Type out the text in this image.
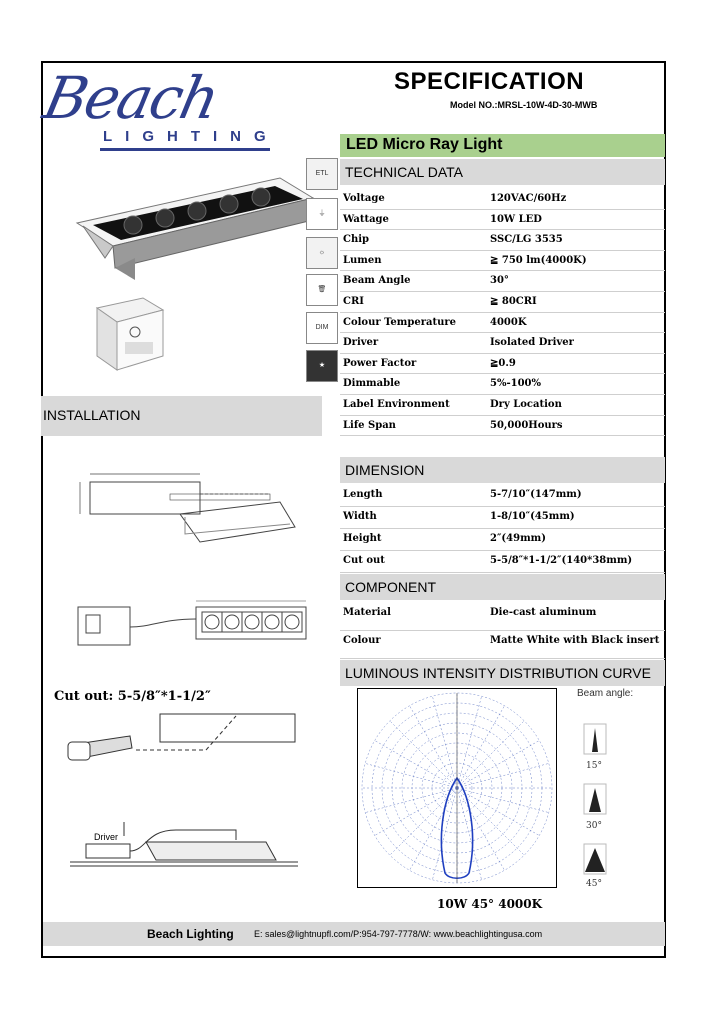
Beach
LIGHTING
SPECIFICATION
Model NO.:MRSL-10W-4D-30-MWB
LED Micro Ray Light
TECHNICAL DATA
Voltage	120VAC/60Hz
Wattage	10W LED
Chip	SSC/LG 3535
Lumen	≧ 750 lm(4000K)
Beam Angle	30°
CRI	≧ 80CRI
Colour Temperature	4000K
Driver	Isolated Driver
Power Factor	≧0.9
Dimmable	5%-100%
Label Environment	Dry Location
Life Span	50,000Hours
ETL
⏚
☼
🗑
DIM
★
INSTALLATION
Cut out: 5-5/8″*1-1/2″
Driver
DIMENSION
Length	5-7/10″(147mm)
Width	1-8/10″(45mm)
Height	2″(49mm)
Cut out	5-5/8″*1-1/2″(140*38mm)
COMPONENT
Material	Die-cast aluminum
Colour	Matte White with Black insert
LUMINOUS INTENSITY DISTRIBUTION CURVE
Beam angle:
15°
30°
45°
10W 45° 4000K
Beach Lighting E: sales@lightnupfl.com/P:954-797-7778/W: www.beachlightingusa.com
